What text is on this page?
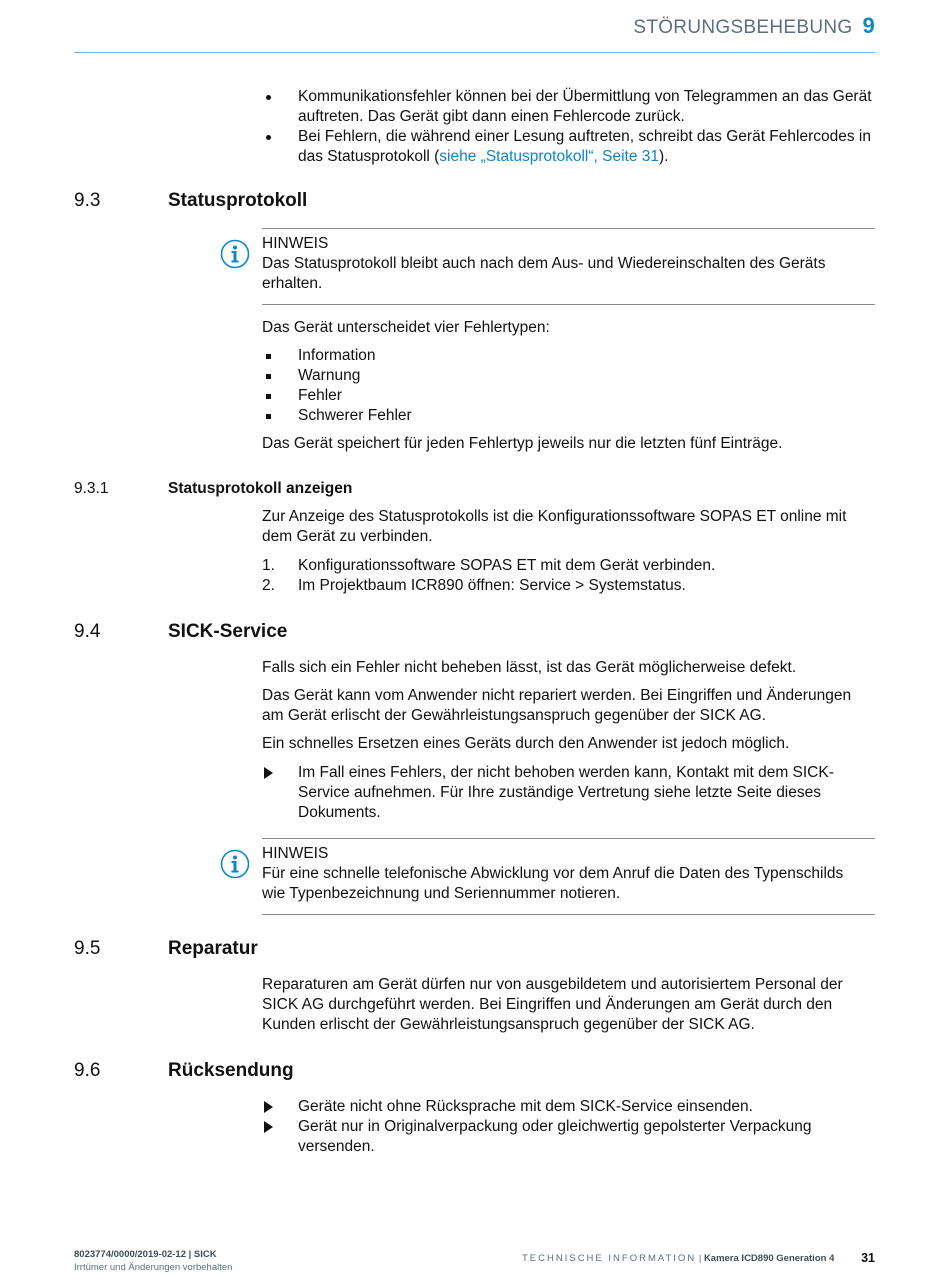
STÖRUNGSBEHEBUNG 9
Kommunikationsfehler können bei der Übermittlung von Telegrammen an das Gerät auftreten. Das Gerät gibt dann einen Fehlercode zurück.
Bei Fehlern, die während einer Lesung auftreten, schreibt das Gerät Fehlercodes in das Statusprotokoll (siehe „Statusprotokoll“, Seite 31).
9.3	Statusprotokoll
HINWEIS
Das Statusprotokoll bleibt auch nach dem Aus- und Wiedereinschalten des Geräts erhalten.

Das Gerät unterscheidet vier Fehlertypen:

Information
Warnung
Fehler
Schwerer Fehler

Das Gerät speichert für jeden Fehlertyp jeweils nur die letzten fünf Einträge.

9.3.1	Statusprotokoll anzeigen

Zur Anzeige des Statusprotokolls ist die Konfigurationssoftware SOPAS ET online mit dem Gerät zu verbinden.

1.	Konfigurationssoftware SOPAS ET mit dem Gerät verbinden.
2.	Im Projektbaum ICR890 öffnen: Service > Systemstatus.
9.4	SICK-Service

Falls sich ein Fehler nicht beheben lässt, ist das Gerät möglicherweise defekt.

Das Gerät kann vom Anwender nicht repariert werden. Bei Eingriffen und Änderungen am Gerät erlischt der Gewährleistungsanspruch gegenüber der SICK AG.

Ein schnelles Ersetzen eines Geräts durch den Anwender ist jedoch möglich.

Im Fall eines Fehlers, der nicht behoben werden kann, Kontakt mit dem SICK-Service aufnehmen. Für Ihre zuständige Vertretung siehe letzte Seite dieses Dokuments.
HINWEIS
Für eine schnelle telefonische Abwicklung vor dem Anruf die Daten des Typenschilds wie Typenbezeichnung und Seriennummer notieren.
9.5	Reparatur

Reparaturen am Gerät dürfen nur von ausgebildetem und autorisiertem Personal der SICK AG durchgeführt werden. Bei Eingriffen und Änderungen am Gerät durch den Kunden erlischt der Gewährleistungsanspruch gegenüber der SICK AG.

9.6	Rücksendung
Geräte nicht ohne Rücksprache mit dem SICK-Service einsenden.
Gerät nur in Originalverpackung oder gleichwertig gepolsterter Verpackung versenden.
8023774/0000/2019-02-12 | SICK
Irrtümer und Änderungen vorbehalten
TECHNISCHE INFORMATION | Kamera ICD890 Generation 4 31
